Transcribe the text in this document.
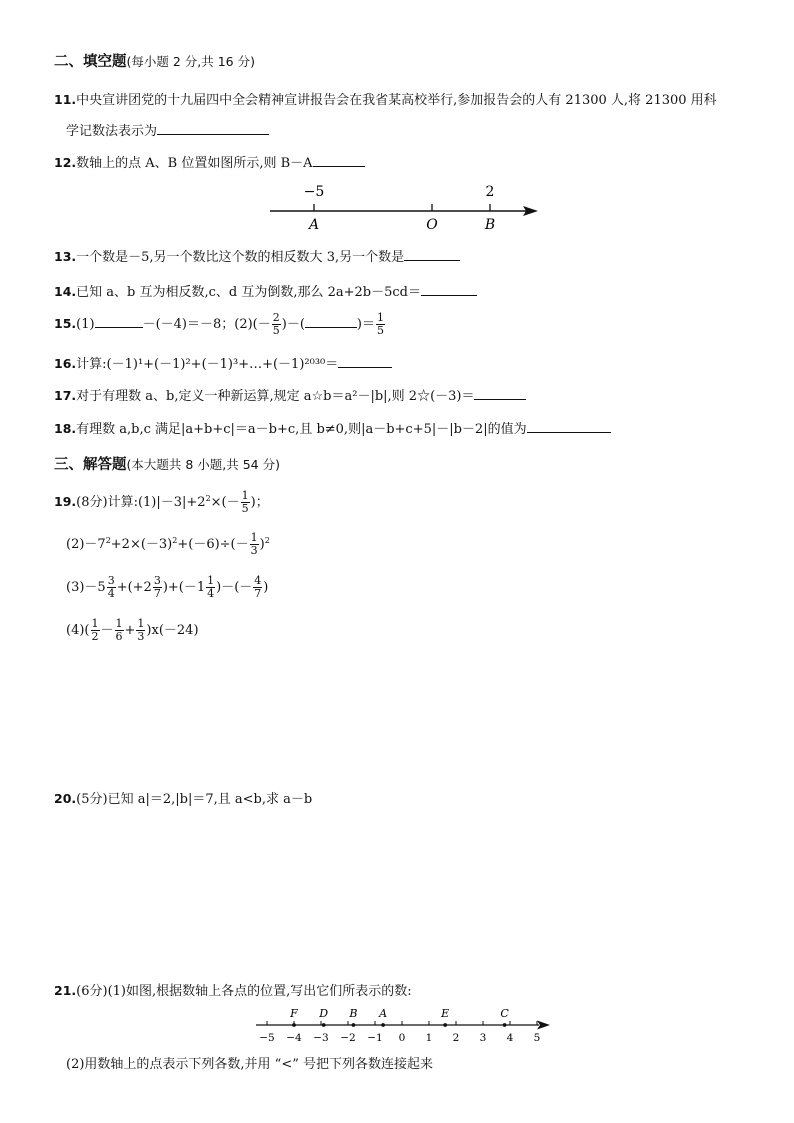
二、填空题(每小题 2 分,共 16 分)
11.中央宣讲团党的十九届四中全会精神宣讲报告会在我省某高校举行,参加报告会的人有 21300 人,将 21300 用科
学记数法表示为
12.数轴上的点 A、B 位置如图所示,则 B－A
−5	2
A	O	B
13.一个数是－5,另一个数比这个数的相反数大 3,另一个数是
14.已知 a、b 互为相反数,c、d 互为倒数,那么 2a+2b－5cd＝
15.(1)	－(－4)＝－8；$(2)(- \frac{2}{5}$ )－(	)＝ $\frac{1}{5}$
16.计算:(－1)¹+(－1)²+(－1)³+…+(－1)²⁰³⁰＝
17.对于有理数 a、b,定义一种新运算,规定 a☆b＝a²－|b|,则 2☆(－3)＝
18.有理数 a,b,c 满足|a+b+c|＝a－b+c,且 b≠0,则|a－b+c+5|－|b－2|的值为
三、解答题(本大题共 8 小题,共 54 分)
19.(8分)计算$:(1)|-3|+2^2\times(- \frac{1}{5}$ )；
$(2)-7^2+2\times(-3)^2+(-6)\div(- \frac{1}{3} )^2$
$(3)-5 \frac{3}{4} +(+2 \frac{3}{7} )+(-1 \frac{1}{4}$ )－(－ $\frac{4}{7}$ )
$(4)( \frac{1}{2} - \frac{1}{6} + \frac{1}{3} )x(-24)$
20.(5分)已知 a|＝2,|b|＝7,且 a<b,求 a－b
21.(6分)(1)如图,根据数轴上各点的位置,写出它们所表示的数:
−5 −4 −3 −2 −1 0 1 2 3 4 5
F D B A	E	C
(2)用数轴上的点表示下列各数,并用 “<” 号把下列各数连接起来
